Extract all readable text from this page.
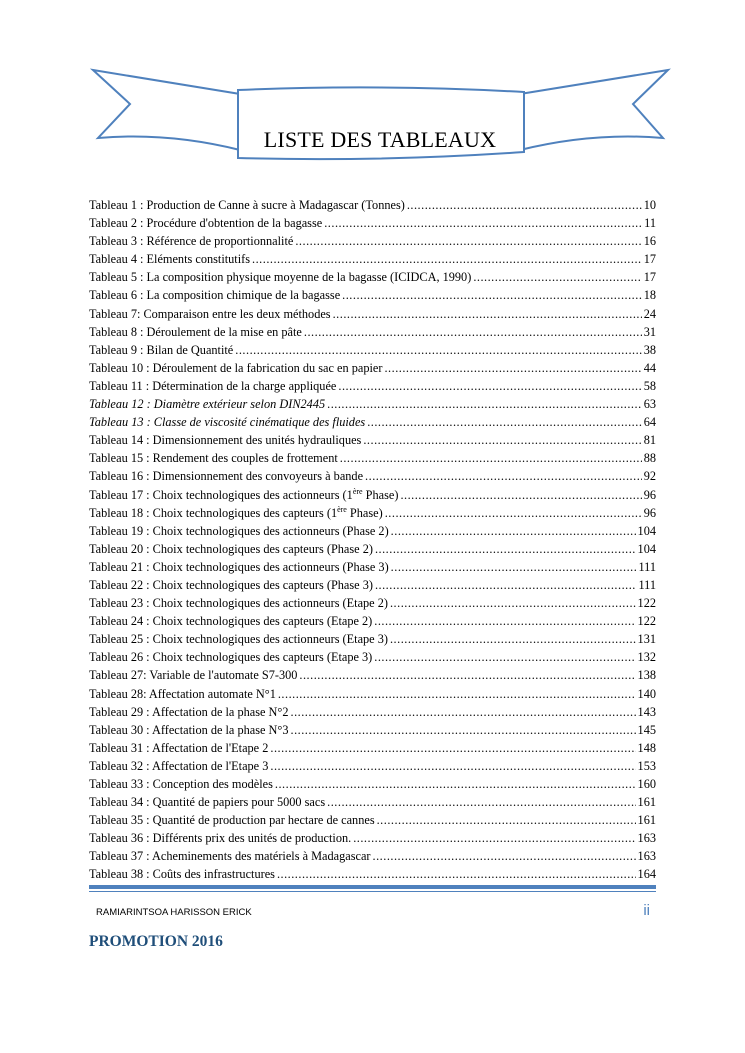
LISTE DES TABLEAUX
Tableau 1 : Production de Canne à sucre à Madagascar (Tonnes) .....	10
Tableau 2 : Procédure d'obtention de la bagasse .....	11
Tableau 3 : Référence de proportionnalité .....	16
Tableau 4 : Eléments constitutifs .....	17
Tableau 5 : La composition physique moyenne de la bagasse (ICIDCA, 1990) .....	17
Tableau 6 : La composition chimique de la bagasse .....	18
Tableau 7: Comparaison entre les deux méthodes .....	24
Tableau 8 : Déroulement de la mise en pâte .....	31
Tableau 9 : Bilan de Quantité .....	38
Tableau 10 : Déroulement de la fabrication du sac en papier .....	44
Tableau 11 : Détermination de la charge appliquée .....	58
Tableau 12 : Diamètre extérieur selon DIN2445 .....	63
Tableau 13 : Classe de viscosité cinématique des fluides .....	64
Tableau 14 : Dimensionnement des unités hydrauliques .....	81
Tableau 15 : Rendement des couples de frottement .....	88
Tableau 16 : Dimensionnement des convoyeurs à bande .....	92
Tableau 17 : Choix technologiques des actionneurs (1ère Phase) .....	96
Tableau 18 : Choix technologiques des capteurs (1ère Phase) .....	96
Tableau 19 : Choix technologiques des actionneurs (Phase 2) .....	104
Tableau 20 : Choix technologiques des capteurs (Phase 2) .....	104
Tableau 21 : Choix technologiques des actionneurs (Phase 3) .....	111
Tableau 22 : Choix technologiques des capteurs (Phase 3) .....	111
Tableau 23 : Choix technologiques des actionneurs (Etape 2) .....	122
Tableau 24 : Choix technologiques des capteurs (Etape 2) .....	122
Tableau 25 : Choix technologiques des actionneurs (Etape 3) .....	131
Tableau 26 : Choix technologiques des capteurs (Etape 3) .....	132
Tableau 27: Variable de l'automate S7-300 .....	138
Tableau 28: Affectation automate N°1 .....	140
Tableau 29 : Affectation de la phase N°2 .....	143
Tableau 30 : Affectation de la phase N°3 .....	145
Tableau 31 : Affectation de l'Etape 2 .....	148
Tableau 32 : Affectation de l'Etape 3 .....	153
Tableau 33 : Conception des modèles .....	160
Tableau 34 : Quantité de papiers pour 5000 sacs .....	161
Tableau 35 : Quantité de production par hectare de cannes .....	161
Tableau 36 : Différents prix des unités de production. .....	163
Tableau 37 : Acheminements des matériels à Madagascar .....	163
Tableau 38 : Coûts des infrastructures .....	164
RAMIARINTSOA HARISSON ERICK	ii
PROMOTION 2016
